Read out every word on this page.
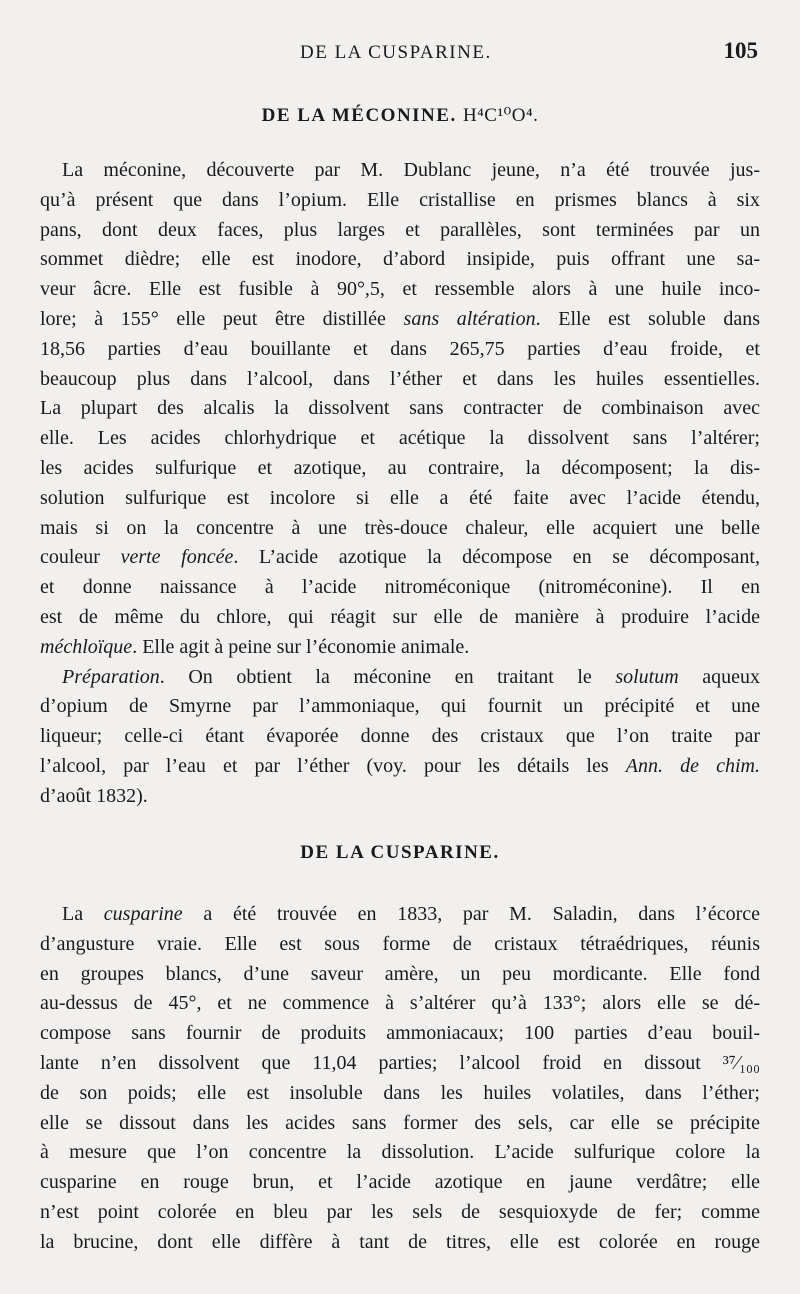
DE LA CUSPARINE.	105
DE LA MÉCONINE. H⁴C¹⁰O⁴.
La méconine, découverte par M. Dublanc jeune, n’a été trouvée jus-
qu’à présent que dans l’opium. Elle cristallise en prismes blancs à six
pans, dont deux faces, plus larges et parallèles, sont terminées par un
sommet dièdre; elle est inodore, d’abord insipide, puis offrant une sa-
veur âcre. Elle est fusible à 90°,5, et ressemble alors à une huile inco-
lore; à 155° elle peut être distillée sans altération. Elle est soluble dans
18,56 parties d’eau bouillante et dans 265,75 parties d’eau froide, et
beaucoup plus dans l’alcool, dans l’éther et dans les huiles essentielles.
La plupart des alcalis la dissolvent sans contracter de combinaison avec
elle. Les acides chlorhydrique et acétique la dissolvent sans l’altérer;
les acides sulfurique et azotique, au contraire, la décomposent; la dis-
solution sulfurique est incolore si elle a été faite avec l’acide étendu,
mais si on la concentre à une très-douce chaleur, elle acquiert une belle
couleur verte foncée. L’acide azotique la décompose en se décomposant,
et donne naissance à l’acide nitroméconique (nitroméconine). Il en
est de même du chlore, qui réagit sur elle de manière à produire l’acide
méchloïque. Elle agit à peine sur l’économie animale.
Préparation. On obtient la méconine en traitant le solutum aqueux
d’opium de Smyrne par l’ammoniaque, qui fournit un précipité et une
liqueur; celle-ci étant évaporée donne des cristaux que l’on traite par
l’alcool, par l’eau et par l’éther (voy. pour les détails les Ann. de chim.
d’août 1832).
DE LA CUSPARINE.
La cusparine a été trouvée en 1833, par M. Saladin, dans l’écorce
d’angusture vraie. Elle est sous forme de cristaux tétraédriques, réunis
en groupes blancs, d’une saveur amère, un peu mordicante. Elle fond
au-dessus de 45°, et ne commence à s’altérer qu’à 133°; alors elle se dé-
compose sans fournir de produits ammoniacaux; 100 parties d’eau bouil-
lante n’en dissolvent que 11,04 parties; l’alcool froid en dissout ³⁷⁄₁₀₀
de son poids; elle est insoluble dans les huiles volatiles, dans l’éther;
elle se dissout dans les acides sans former des sels, car elle se précipite
à mesure que l’on concentre la dissolution. L’acide sulfurique colore la
cusparine en rouge brun, et l’acide azotique en jaune verdâtre; elle
n’est point colorée en bleu par les sels de sesquioxyde de fer; comme
la brucine, dont elle diffère à tant de titres, elle est colorée en rouge
